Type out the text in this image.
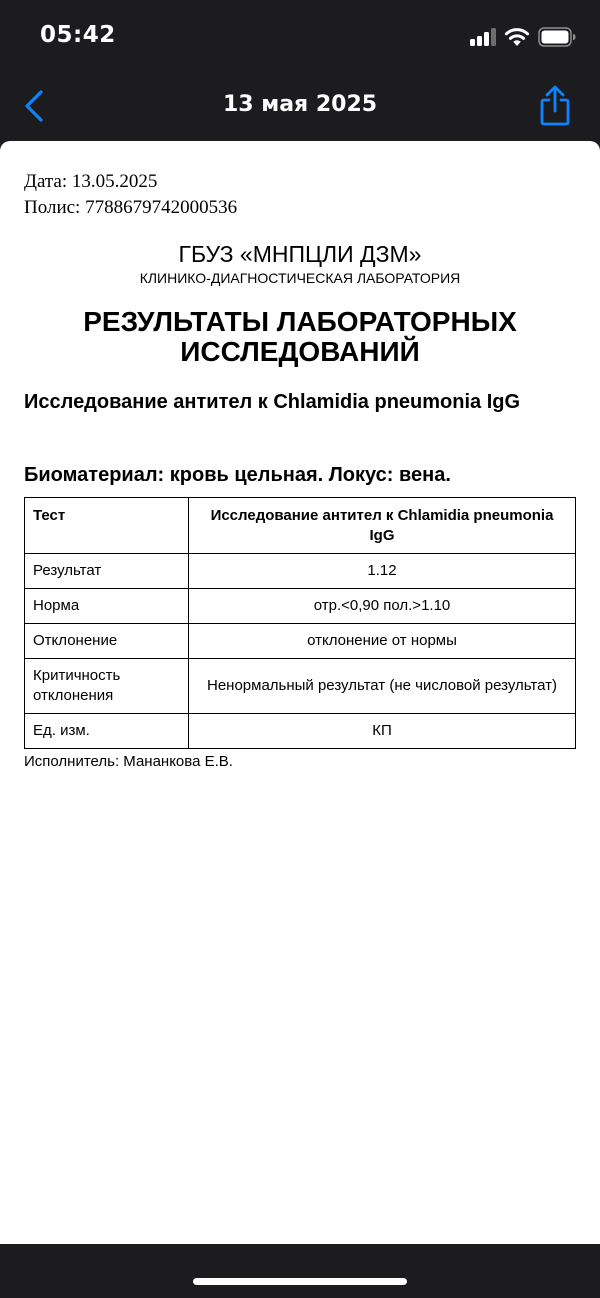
05:42
13 мая 2025
Дата: 13.05.2025
Полис: 7788679742000536
ГБУЗ «МНПЦЛИ ДЗМ»
КЛИНИКО-ДИАГНОСТИЧЕСКАЯ ЛАБОРАТОРИЯ
РЕЗУЛЬТАТЫ ЛАБОРАТОРНЫХ
ИССЛЕДОВАНИЙ
Исследование антител к Chlamidia pneumonia IgG
Биоматериал: кровь цельная. Локус: вена.
Тест	Исследование антител к Chlamidia pneumonia IgG
Результат	1.12
Норма	отр.<0,90 пол.>1.10
Отклонение	отклонение от нормы
Критичность отклонения	Ненормальный результат (не числовой результат)
Ед. изм.	КП
Исполнитель: Мананкова Е.В.
